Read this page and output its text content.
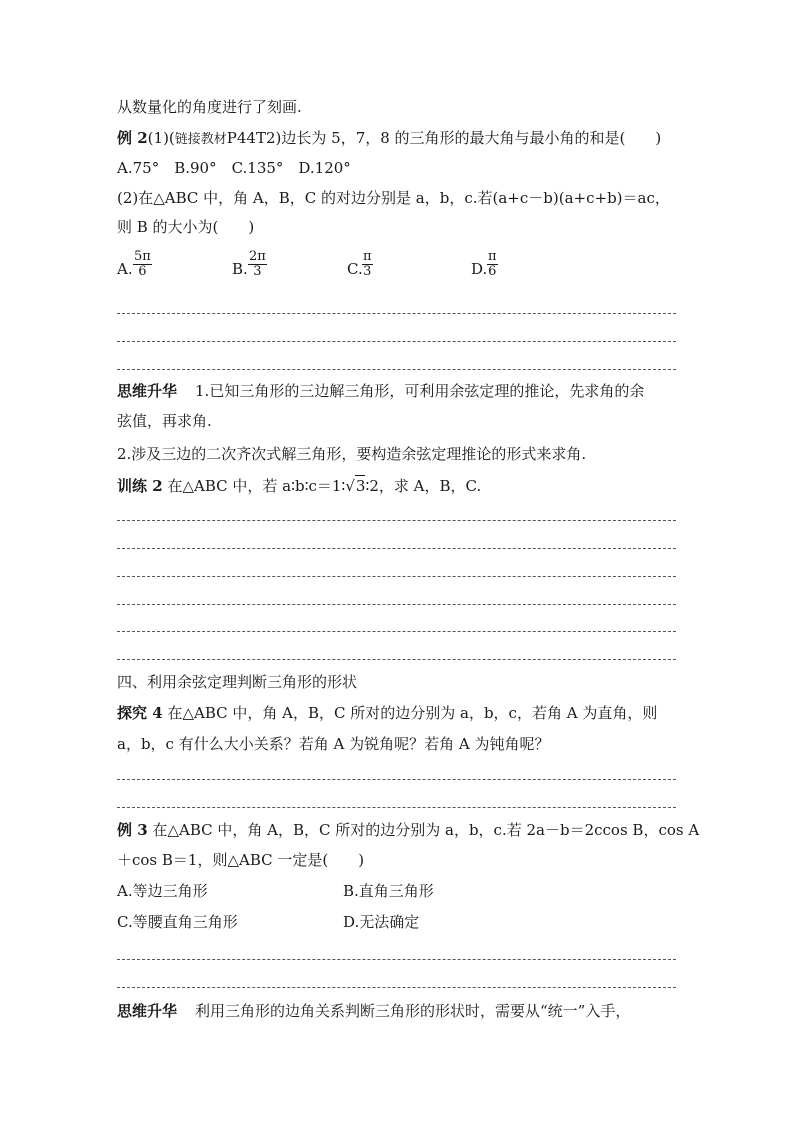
从数量化的角度进行了刻画.
例 2(1)(链接教材P44T2)边长为 5，7，8 的三角形的最大角与最小角的和是(　　)
A.75°　B.90°　C.135°　D.120°
(2)在△ABC 中，角 A，B，C 的对边分别是 a，b，c.若(a+c－b)(a+c+b)＝ac，
则 B 的大小为(　　)
A. $\frac{5\pi}{6}$	B. $\frac{2\pi}{3}$	C. $\frac{\pi}{3}$	D. $\frac{\pi}{6}$
思维升华 1.已知三角形的三边解三角形，可利用余弦定理的推论，先求角的余
弦值，再求角.
2.涉及三边的二次齐次式解三角形，要构造余弦定理推论的形式来求角.
训练 2 在△ABC 中，若 a∶b∶c＝1∶√3∶2，求 A，B，C.
四、利用余弦定理判断三角形的形状
探究 4 在△ABC 中，角 A，B，C 所对的边分别为 a，b，c，若角 A 为直角，则
a，b，c 有什么大小关系？若角 A 为锐角呢？若角 A 为钝角呢？
例 3 在△ABC 中，角 A，B，C 所对的边分别为 a，b，c.若 2a－b＝2ccos B，cos A
＋cos B＝1，则△ABC 一定是(　　)
A.等边三角形	B.直角三角形
C.等腰直角三角形	D.无法确定
思维升华 利用三角形的边角关系判断三角形的形状时，需要从“统一”入手，
